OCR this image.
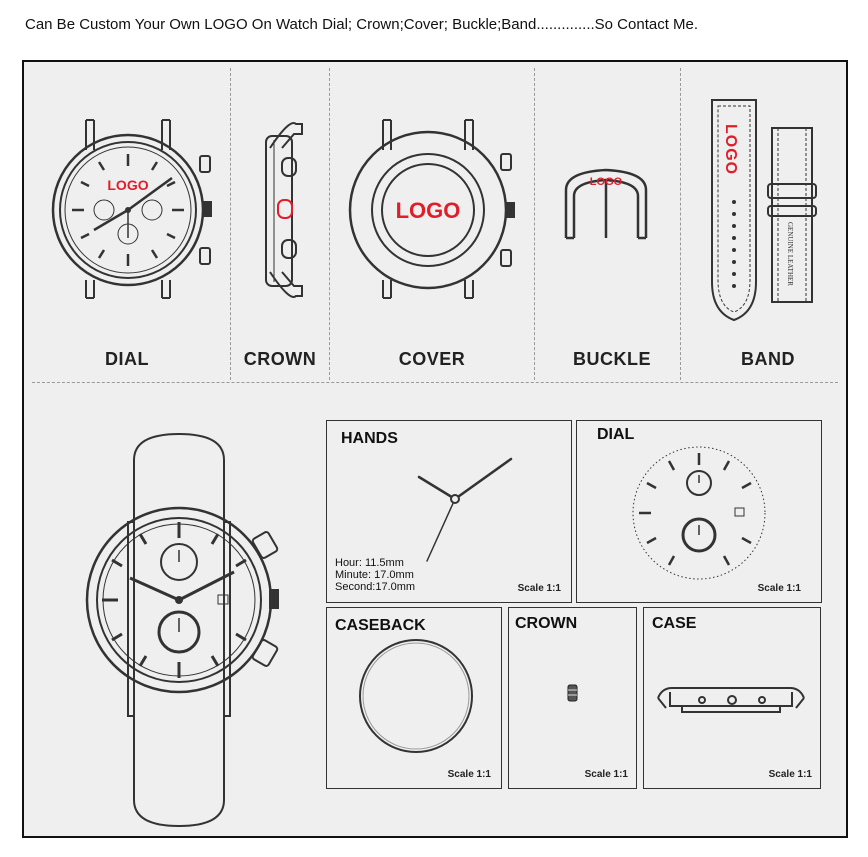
Can Be Custom Your Own LOGO On Watch Dial; Crown;Cover; Buckle;Band..............So Contact Me.
LOGO
LOGO
LOGO
LOGO
GENUINE LEATHER
DIAL	CROWN	COVER	BUCKLE	BAND
HANDS
Hour: 11.5mm
Minute: 17.0mm
Second:17.0mm	Scale 1:1
DIAL
Scale 1:1
CASEBACK
Scale 1:1
CROWN
Scale 1:1
CASE
Scale 1:1
